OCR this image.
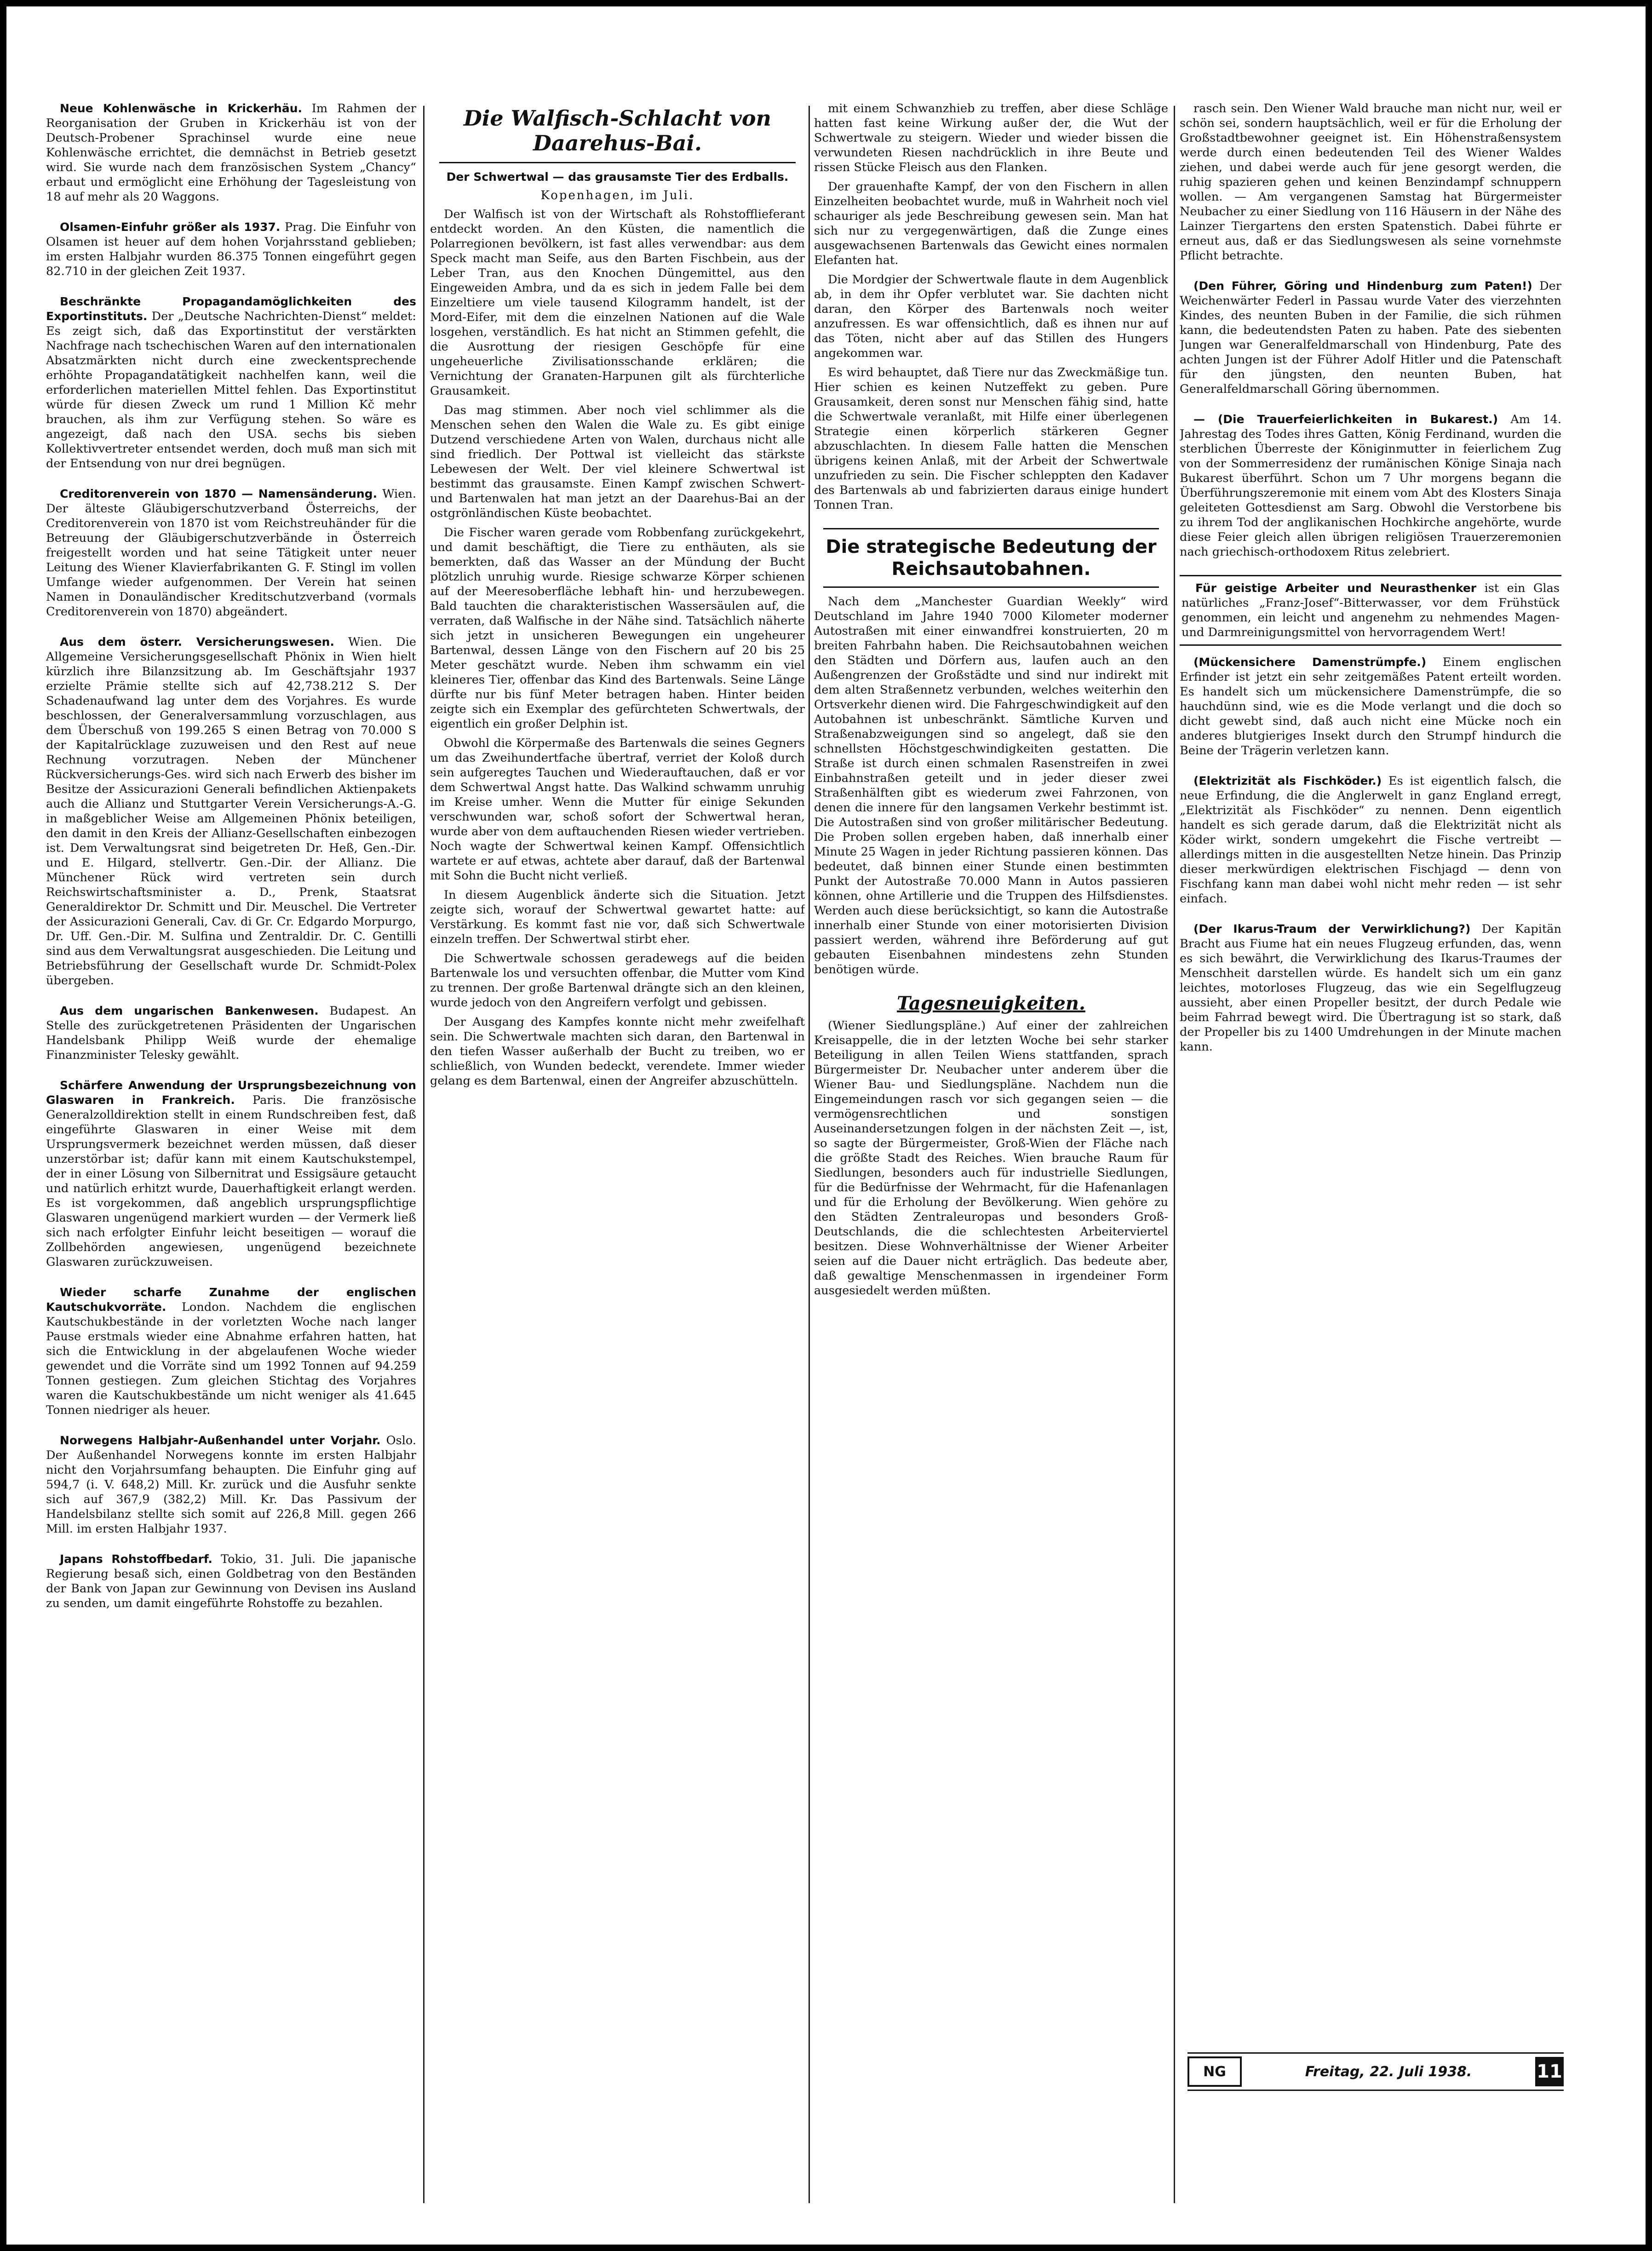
Neue Kohlenwäsche in Krickerhäu. Im Rahmen der Reorganisation der Gruben in Krickerhäu ist von der Deutsch-Probener Sprachinsel wurde eine neue Kohlenwäsche errichtet, die demnächst in Betrieb gesetzt wird. Sie wurde nach dem französischen System „Chancy“ erbaut und ermöglicht eine Erhöhung der Tagesleistung von 18 auf mehr als 20 Waggons.

Olsamen-Einfuhr größer als 1937. Prag. Die Einfuhr von Olsamen ist heuer auf dem hohen Vorjahrsstand geblieben; im ersten Halbjahr wurden 86.375 Tonnen eingeführt gegen 82.710 in der gleichen Zeit 1937.

Beschränkte Propagandamöglichkeiten des Exportinstituts. Der „Deutsche Nachrichten-Dienst“ meldet: Es zeigt sich, daß das Exportinstitut der verstärkten Nachfrage nach tschechischen Waren auf den internationalen Absatzmärkten nicht durch eine zweckentsprechende erhöhte Propagandatätigkeit nachhelfen kann, weil die erforderlichen materiellen Mittel fehlen. Das Exportinstitut würde für diesen Zweck um rund 1 Million Kč mehr brauchen, als ihm zur Verfügung stehen. So wäre es angezeigt, daß nach den USA. sechs bis sieben Kollektivvertreter entsendet werden, doch muß man sich mit der Entsendung von nur drei begnügen.

Creditorenverein von 1870 — Namensänderung. Wien. Der älteste Gläubigerschutzverband Österreichs, der Creditorenverein von 1870 ist vom Reichstreuhänder für die Betreuung der Gläubigerschutzverbände in Österreich freigestellt worden und hat seine Tätigkeit unter neuer Leitung des Wiener Klavierfabrikanten G. F. Stingl im vollen Umfange wieder aufgenommen. Der Verein hat seinen Namen in Donauländischer Kreditschutzverband (vormals Creditorenverein von 1870) abgeändert.

Aus dem österr. Versicherungswesen. Wien. Die Allgemeine Versicherungsgesellschaft Phönix in Wien hielt kürzlich ihre Bilanzsitzung ab. Im Geschäftsjahr 1937 erzielte Prämie stellte sich auf 42,738.212 S. Der Schadenaufwand lag unter dem des Vorjahres. Es wurde beschlossen, der Generalversammlung vorzuschlagen, aus dem Überschuß von 199.265 S einen Betrag von 70.000 S der Kapitalrücklage zuzuweisen und den Rest auf neue Rechnung vorzutragen. Neben der Münchener Rückversicherungs-Ges. wird sich nach Erwerb des bisher im Besitze der Assicurazioni Generali befindlichen Aktienpakets auch die Allianz und Stuttgarter Verein Versicherungs-A.-G. in maßgeblicher Weise am Allgemeinen Phönix beteiligen, den damit in den Kreis der Allianz-Gesellschaften einbezogen ist. Dem Verwaltungsrat sind beigetreten Dr. Heß, Gen.-Dir. und E. Hilgard, stellvertr. Gen.-Dir. der Allianz. Die Münchener Rück wird vertreten sein durch Reichswirtschaftsminister a. D., Prenk, Staatsrat Generaldirektor Dr. Schmitt und Dir. Meuschel. Die Vertreter der Assicurazioni Generali, Cav. di Gr. Cr. Edgardo Morpurgo, Dr. Uff. Gen.-Dir. M. Sulfina und Zentraldir. Dr. C. Gentilli sind aus dem Verwaltungsrat ausgeschieden. Die Leitung und Betriebsführung der Gesellschaft wurde Dr. Schmidt-Polex übergeben.

Aus dem ungarischen Bankenwesen. Budapest. An Stelle des zurückgetretenen Präsidenten der Ungarischen Handelsbank Philipp Weiß wurde der ehemalige Finanzminister Telesky gewählt.

Schärfere Anwendung der Ursprungsbezeichnung von Glaswaren in Frankreich. Paris. Die französische Generalzolldirektion stellt in einem Rundschreiben fest, daß eingeführte Glaswaren in einer Weise mit dem Ursprungsvermerk bezeichnet werden müssen, daß dieser unzerstörbar ist; dafür kann mit einem Kautschukstempel, der in einer Lösung von Silbernitrat und Essigsäure getaucht und natürlich erhitzt wurde, Dauerhaftigkeit erlangt werden. Es ist vorgekommen, daß angeblich ursprungspflichtige Glaswaren ungenügend markiert wurden — der Vermerk ließ sich nach erfolgter Einfuhr leicht beseitigen — worauf die Zollbehörden angewiesen, ungenügend bezeichnete Glaswaren zurückzuweisen.

Wieder scharfe Zunahme der englischen Kautschukvorräte. London. Nachdem die englischen Kautschukbestände in der vorletzten Woche nach langer Pause erstmals wieder eine Abnahme erfahren hatten, hat sich die Entwicklung in der abgelaufenen Woche wieder gewendet und die Vorräte sind um 1992 Tonnen auf 94.259 Tonnen gestiegen. Zum gleichen Stichtag des Vorjahres waren die Kautschukbestände um nicht weniger als 41.645 Tonnen niedriger als heuer.

Norwegens Halbjahr-Außenhandel unter Vorjahr. Oslo. Der Außenhandel Norwegens konnte im ersten Halbjahr nicht den Vorjahrsumfang behaupten. Die Einfuhr ging auf 594,7 (i. V. 648,2) Mill. Kr. zurück und die Ausfuhr senkte sich auf 367,9 (382,2) Mill. Kr. Das Passivum der Handelsbilanz stellte sich somit auf 226,8 Mill. gegen 266 Mill. im ersten Halbjahr 1937.

Japans Rohstoffbedarf. Tokio, 31. Juli. Die japanische Regierung besaß sich, einen Goldbetrag von den Beständen der Bank von Japan zur Gewinnung von Devisen ins Ausland zu senden, um damit eingeführte Rohstoffe zu bezahlen.

Die Walfisch-Schlacht von Daarehus-Bai.
Der Schwertwal — das grausamste Tier des Erdballs.
Kopenhagen, im Juli.

Der Walfisch ist von der Wirtschaft als Rohstofflieferant entdeckt worden. An den Küsten, die namentlich die Polarregionen bevölkern, ist fast alles verwendbar: aus dem Speck macht man Seife, aus den Barten Fischbein, aus der Leber Tran, aus den Knochen Düngemittel, aus den Eingeweiden Ambra, und da es sich in jedem Falle bei dem Einzeltiere um viele tausend Kilogramm handelt, ist der Mord-Eifer, mit dem die einzelnen Nationen auf die Wale losgehen, verständlich. Es hat nicht an Stimmen gefehlt, die die Ausrottung der riesigen Geschöpfe für eine ungeheuerliche Zivilisationsschande erklären; die Vernichtung der Granaten-Harpunen gilt als fürchterliche Grausamkeit.

Das mag stimmen. Aber noch viel schlimmer als die Menschen sehen den Walen die Wale zu. Es gibt einige Dutzend verschiedene Arten von Walen, durchaus nicht alle sind friedlich. Der Pottwal ist vielleicht das stärkste Lebewesen der Welt. Der viel kleinere Schwertwal ist bestimmt das grausamste. Einen Kampf zwischen Schwert- und Bartenwalen hat man jetzt an der Daarehus-Bai an der ostgrönländischen Küste beobachtet.

Die Fischer waren gerade vom Robbenfang zurückgekehrt, und damit beschäftigt, die Tiere zu enthäuten, als sie bemerkten, daß das Wasser an der Mündung der Bucht plötzlich unruhig wurde. Riesige schwarze Körper schienen auf der Meeresoberfläche lebhaft hin- und herzubewegen. Bald tauchten die charakteristischen Wassersäulen auf, die verraten, daß Walfische in der Nähe sind. Tatsächlich näherte sich jetzt in unsicheren Bewegungen ein ungeheurer Bartenwal, dessen Länge von den Fischern auf 20 bis 25 Meter geschätzt wurde. Neben ihm schwamm ein viel kleineres Tier, offenbar das Kind des Bartenwals. Seine Länge dürfte nur bis fünf Meter betragen haben. Hinter beiden zeigte sich ein Exemplar des gefürchteten Schwertwals, der eigentlich ein großer Delphin ist.

Obwohl die Körpermaße des Bartenwals die seines Gegners um das Zweihundertfache übertraf, verriet der Koloß durch sein aufgeregtes Tauchen und Wiederauftauchen, daß er vor dem Schwertwal Angst hatte. Das Walkind schwamm unruhig im Kreise umher. Wenn die Mutter für einige Sekunden verschwunden war, schoß sofort der Schwertwal heran, wurde aber von dem auftauchenden Riesen wieder vertrieben. Noch wagte der Schwertwal keinen Kampf. Offensichtlich wartete er auf etwas, achtete aber darauf, daß der Bartenwal mit Sohn die Bucht nicht verließ.

In diesem Augenblick änderte sich die Situation. Jetzt zeigte sich, worauf der Schwertwal gewartet hatte: auf Verstärkung. Es kommt fast nie vor, daß sich Schwertwale einzeln treffen. Der Schwertwal stirbt eher.

Die Schwertwale schossen geradewegs auf die beiden Bartenwale los und versuchten offenbar, die Mutter vom Kind zu trennen. Der große Bartenwal drängte sich an den kleinen, wurde jedoch von den Angreifern verfolgt und gebissen.

Der Ausgang des Kampfes konnte nicht mehr zweifelhaft sein. Die Schwertwale machten sich daran, den Bartenwal in den tiefen Wasser außerhalb der Bucht zu treiben, wo er schließlich, von Wunden bedeckt, verendete. Immer wieder gelang es dem Bartenwal, einen der Angreifer abzuschütteln.

mit einem Schwanzhieb zu treffen, aber diese Schläge hatten fast keine Wirkung außer der, die Wut der Schwertwale zu steigern. Wieder und wieder bissen die verwundeten Riesen nachdrücklich in ihre Beute und rissen Stücke Fleisch aus den Flanken.

Der grauenhafte Kampf, der von den Fischern in allen Einzelheiten beobachtet wurde, muß in Wahrheit noch viel schauriger als jede Beschreibung gewesen sein. Man hat sich nur zu vergegenwärtigen, daß die Zunge eines ausgewachsenen Bartenwals das Gewicht eines normalen Elefanten hat.

Die Mordgier der Schwertwale flaute in dem Augenblick ab, in dem ihr Opfer verblutet war. Sie dachten nicht daran, den Körper des Bartenwals noch weiter anzufressen. Es war offensichtlich, daß es ihnen nur auf das Töten, nicht aber auf das Stillen des Hungers angekommen war.

Es wird behauptet, daß Tiere nur das Zweckmäßige tun. Hier schien es keinen Nutzeffekt zu geben. Pure Grausamkeit, deren sonst nur Menschen fähig sind, hatte die Schwertwale veranlaßt, mit Hilfe einer überlegenen Strategie einen körperlich stärkeren Gegner abzuschlachten. In diesem Falle hatten die Menschen übrigens keinen Anlaß, mit der Arbeit der Schwertwale unzufrieden zu sein. Die Fischer schleppten den Kadaver des Bartenwals ab und fabrizierten daraus einige hundert Tonnen Tran.

Die strategische Bedeutung der Reichsautobahnen.

Nach dem „Manchester Guardian Weekly“ wird Deutschland im Jahre 1940 7000 Kilometer moderner Autostraßen mit einer einwandfrei konstruierten, 20 m breiten Fahrbahn haben. Die Reichsautobahnen weichen den Städten und Dörfern aus, laufen auch an den Außengrenzen der Großstädte und sind nur indirekt mit dem alten Straßennetz verbunden, welches weiterhin den Ortsverkehr dienen wird. Die Fahrgeschwindigkeit auf den Autobahnen ist unbeschränkt. Sämtliche Kurven und Straßenabzweigungen sind so angelegt, daß sie den schnellsten Höchstgeschwindigkeiten gestatten. Die Straße ist durch einen schmalen Rasenstreifen in zwei Einbahnstraßen geteilt und in jeder dieser zwei Straßenhälften gibt es wiederum zwei Fahrzonen, von denen die innere für den langsamen Verkehr bestimmt ist. Die Autostraßen sind von großer militärischer Bedeutung. Die Proben sollen ergeben haben, daß innerhalb einer Minute 25 Wagen in jeder Richtung passieren können. Das bedeutet, daß binnen einer Stunde einen bestimmten Punkt der Autostraße 70.000 Mann in Autos passieren können, ohne Artillerie und die Truppen des Hilfsdienstes. Werden auch diese berücksichtigt, so kann die Autostraße innerhalb einer Stunde von einer motorisierten Division passiert werden, während ihre Beförderung auf gut gebauten Eisenbahnen mindestens zehn Stunden benötigen würde.

Tagesneuigkeiten.

(Wiener Siedlungspläne.) Auf einer der zahlreichen Kreisappelle, die in der letzten Woche bei sehr starker Beteiligung in allen Teilen Wiens stattfanden, sprach Bürgermeister Dr. Neubacher unter anderem über die Wiener Bau- und Siedlungspläne. Nachdem nun die Eingemeindungen rasch vor sich gegangen seien — die vermögensrechtlichen und sonstigen Auseinandersetzungen folgen in der nächsten Zeit —, ist, so sagte der Bürgermeister, Groß-Wien der Fläche nach die größte Stadt des Reiches. Wien brauche Raum für Siedlungen, besonders auch für industrielle Siedlungen, für die Bedürfnisse der Wehrmacht, für die Hafenanlagen und für die Erholung der Bevölkerung. Wien gehöre zu den Städten Zentraleuropas und besonders Groß-Deutschlands, die die schlechtesten Arbeiterviertel besitzen. Diese Wohnverhältnisse der Wiener Arbeiter seien auf die Dauer nicht erträglich. Das bedeute aber, daß gewaltige Menschenmassen in irgendeiner Form ausgesiedelt werden müßten.

rasch sein. Den Wiener Wald brauche man nicht nur, weil er schön sei, sondern hauptsächlich, weil er für die Erholung der Großstadtbewohner geeignet ist. Ein Höhenstraßensystem werde durch einen bedeutenden Teil des Wiener Waldes ziehen, und dabei werde auch für jene gesorgt werden, die ruhig spazieren gehen und keinen Benzindampf schnuppern wollen. — Am vergangenen Samstag hat Bürgermeister Neubacher zu einer Siedlung von 116 Häusern in der Nähe des Lainzer Tiergartens den ersten Spatenstich. Dabei führte er erneut aus, daß er das Siedlungswesen als seine vornehmste Pflicht betrachte.

(Den Führer, Göring und Hindenburg zum Paten!) Der Weichenwärter Federl in Passau wurde Vater des vierzehnten Kindes, des neunten Buben in der Familie, die sich rühmen kann, die bedeutendsten Paten zu haben. Pate des siebenten Jungen war Generalfeldmarschall von Hindenburg, Pate des achten Jungen ist der Führer Adolf Hitler und die Patenschaft für den jüngsten, den neunten Buben, hat Generalfeldmarschall Göring übernommen.

— (Die Trauerfeierlichkeiten in Bukarest.) Am 14. Jahrestag des Todes ihres Gatten, König Ferdinand, wurden die sterblichen Überreste der Königinmutter in feierlichem Zug von der Sommerresidenz der rumänischen Könige Sinaja nach Bukarest überführt. Schon um 7 Uhr morgens begann die Überführungszeremonie mit einem vom Abt des Klosters Sinaja geleiteten Gottesdienst am Sarg. Obwohl die Verstorbene bis zu ihrem Tod der anglikanischen Hochkirche angehörte, wurde diese Feier gleich allen übrigen religiösen Trauerzeremonien nach griechisch-orthodoxem Ritus zelebriert.

Für geistige Arbeiter und Neurasthenker ist ein Glas natürliches „Franz-Josef“-Bitterwasser, vor dem Frühstück genommen, ein leicht und angenehm zu nehmendes Magen- und Darmreinigungsmittel von hervorragendem Wert!

(Mückensichere Damenstrümpfe.) Einem englischen Erfinder ist jetzt ein sehr zeitgemäßes Patent erteilt worden. Es handelt sich um mückensichere Damenstrümpfe, die so hauchdünn sind, wie es die Mode verlangt und die doch so dicht gewebt sind, daß auch nicht eine Mücke noch ein anderes blutgieriges Insekt durch den Strumpf hindurch die Beine der Trägerin verletzen kann.

(Elektrizität als Fischköder.) Es ist eigentlich falsch, die neue Erfindung, die die Anglerwelt in ganz England erregt, „Elektrizität als Fischköder“ zu nennen. Denn eigentlich handelt es sich gerade darum, daß die Elektrizität nicht als Köder wirkt, sondern umgekehrt die Fische vertreibt — allerdings mitten in die ausgestellten Netze hinein. Das Prinzip dieser merkwürdigen elektrischen Fischjagd — denn von Fischfang kann man dabei wohl nicht mehr reden — ist sehr einfach.

(Der Ikarus-Traum der Verwirklichung?) Der Kapitän Bracht aus Fiume hat ein neues Flugzeug erfunden, das, wenn es sich bewährt, die Verwirklichung des Ikarus-Traumes der Menschheit darstellen würde. Es handelt sich um ein ganz leichtes, motorloses Flugzeug, das wie ein Segelflugzeug aussieht, aber einen Propeller besitzt, der durch Pedale wie beim Fahrrad bewegt wird. Die Übertragung ist so stark, daß der Propeller bis zu 1400 Umdrehungen in der Minute machen kann.

NG	Freitag, 22. Juli 1938.	11
